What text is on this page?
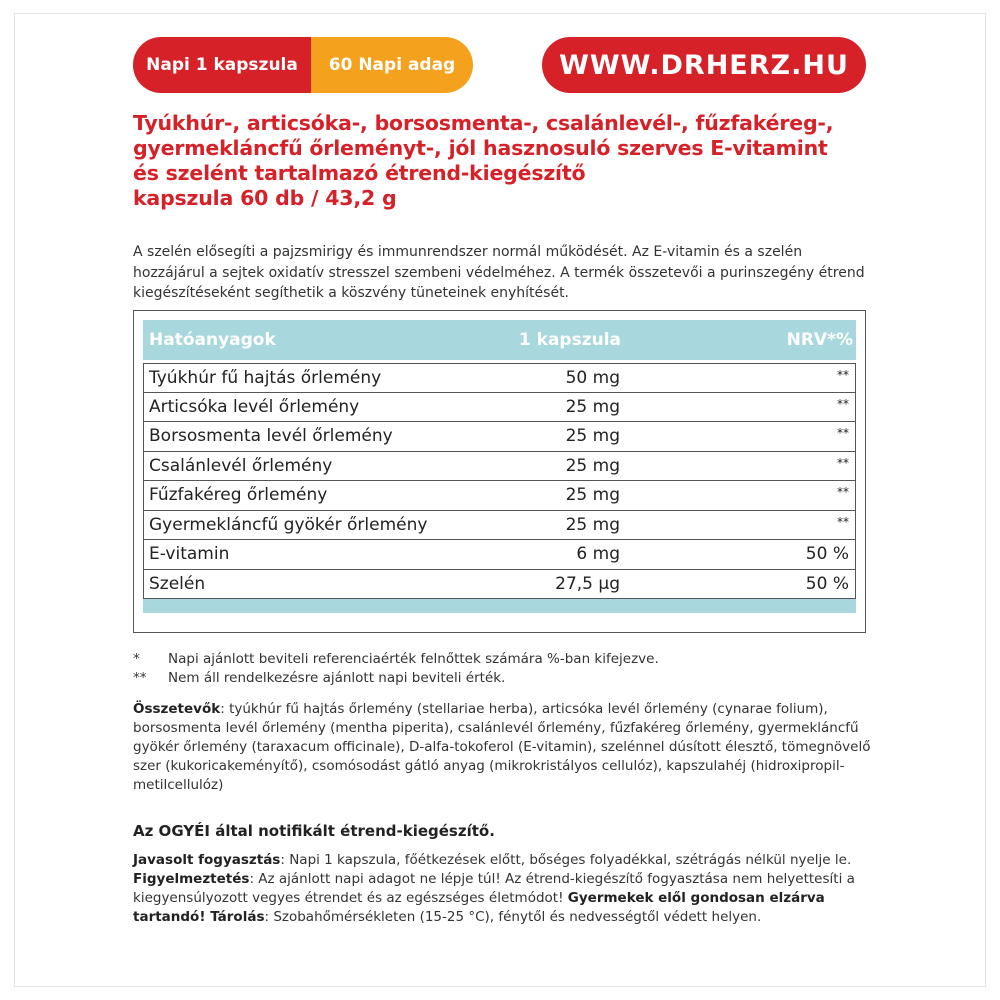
Napi 1 kapszula	60 Napi adag	WWW.DRHERZ.HU
Tyúkhúr-, articsóka-, borsosmenta-, csalánlevél-, fűzfakéreg-,
gyermekláncfű őrleményt-, jól hasznosuló szerves E-vitamint
és szelént tartalmazó étrend-kiegészítő
kapszula 60 db / 43,2 g
A szelén elősegíti a pajzsmirigy és immunrendszer normál működését. Az E-vitamin és a szelén hozzájárul a sejtek oxidatív stresszel szembeni védelméhez. A termék összetevői a purinszegény étrend kiegészítéseként segíthetik a köszvény tüneteinek enyhítését.
Hatóanyagok	1 kapszula	NRV*%
Tyúkhúr fű hajtás őrlemény	50 mg	**
Articsóka levél őrlemény	25 mg	**
Borsosmenta levél őrlemény	25 mg	**
Csalánlevél őrlemény	25 mg	**
Fűzfakéreg őrlemény	25 mg	**
Gyermekláncfű gyökér őrlemény	25 mg	**
E-vitamin	6 mg	50 %
Szelén	27,5 µg	50 %
*	Napi ajánlott beviteli referenciaérték felnőttek számára %-ban kifejezve.
**	Nem áll rendelkezésre ajánlott napi beviteli érték.
Összetevők: tyúkhúr fű hajtás őrlemény (stellariae herba), articsóka levél őrlemény (cynarae folium), borsosmenta levél őrlemény (mentha piperita), csalánlevél őrlemény, fűzfakéreg őrlemény, gyermekláncfű gyökér őrlemény (taraxacum officinale), D-alfa-tokoferol (E-vitamin), szelénnel dúsított élesztő, tömegnövelő szer (kukoricakeményítő), csomósodást gátló anyag (mikrokristályos cellulóz), kapszulahéj (hidroxipropil-metilcellulóz)
Az OGYÉI által notifikált étrend-kiegészítő.
Javasolt fogyasztás: Napi 1 kapszula, főétkezések előtt, bőséges folyadékkal, szétrágás nélkül nyelje le. Figyelmeztetés: Az ajánlott napi adagot ne lépje túl! Az étrend-kiegészítő fogyasztása nem helyettesíti a kiegyensúlyozott vegyes étrendet és az egészséges életmódot! Gyermekek elől gondosan elzárva tartandó! Tárolás: Szobahőmérsékleten (15-25 °C), fénytől és nedvességtől védett helyen.
